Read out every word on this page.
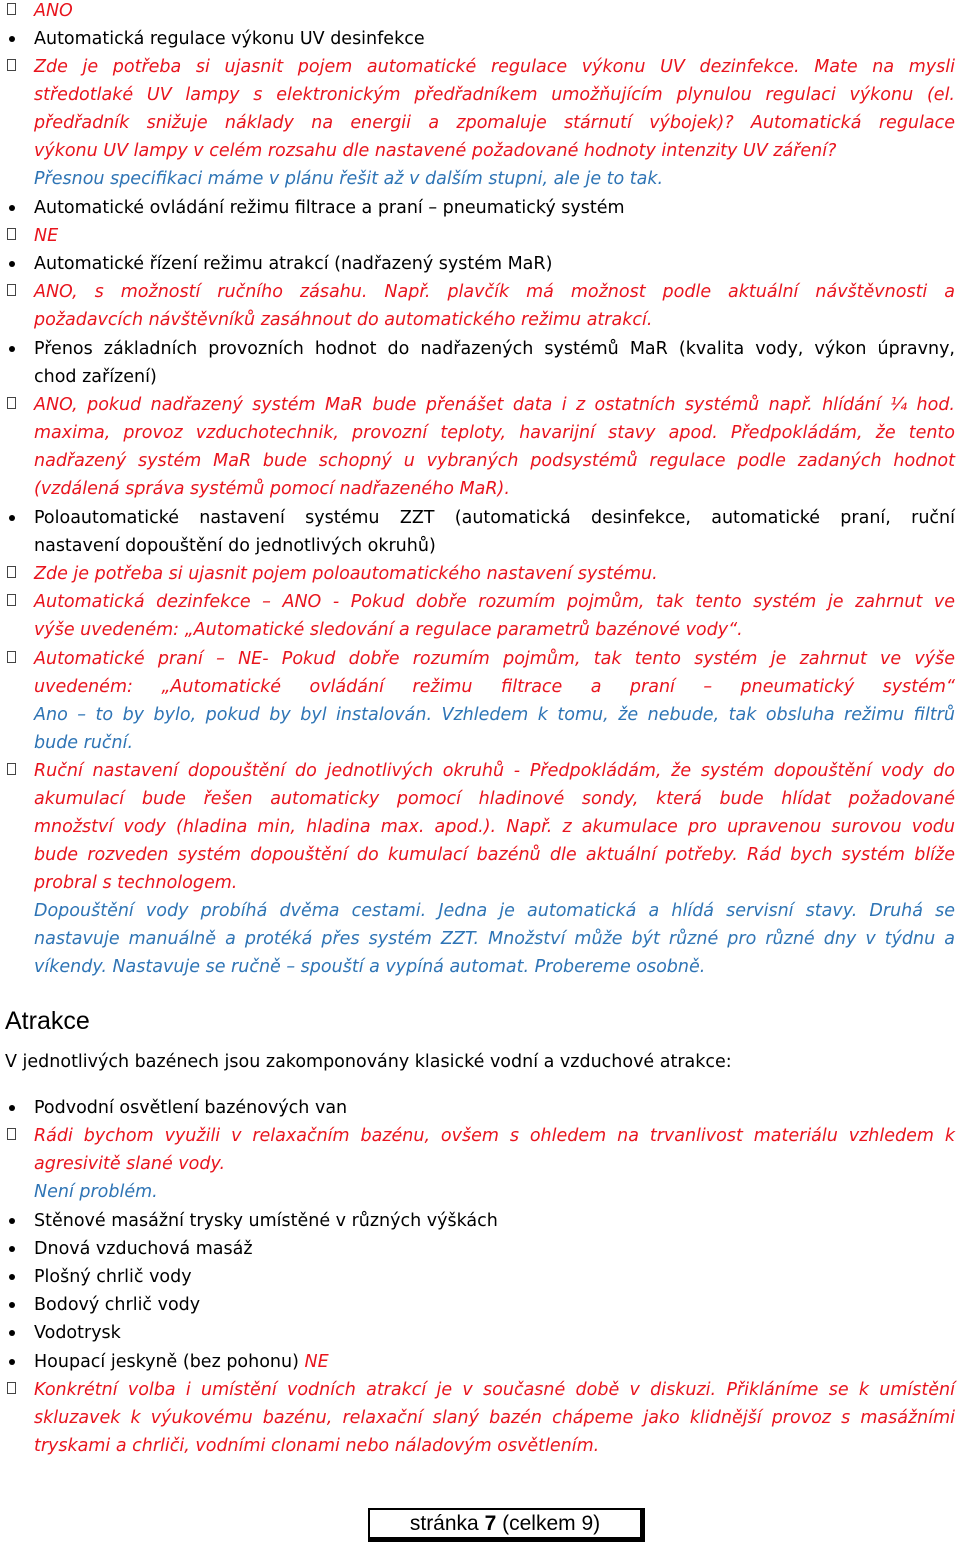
ANO
Automatická regulace výkonu UV desinfekce
Zde je potřeba si ujasnit pojem automatické regulace výkonu UV dezinfekce. Mate na mysli
středotlaké UV lampy s elektronickým předřadníkem umožňujícím plynulou regulaci výkonu (el.
předřadník snižuje náklady na energii a zpomaluje stárnutí výbojek)? Automatická regulace
výkonu UV lampy v celém rozsahu dle nastavené požadované hodnoty intenzity UV záření?
Přesnou specifikaci máme v plánu řešit až v dalším stupni, ale je to tak.
Automatické ovládání režimu filtrace a praní – pneumatický systém
NE
Automatické řízení režimu atrakcí (nadřazený systém MaR)
ANO, s možností ručního zásahu. Např. plavčík má možnost podle aktuální návštěvnosti a
požadavcích návštěvníků zasáhnout do automatického režimu atrakcí.
Přenos základních provozních hodnot do nadřazených systémů MaR (kvalita vody, výkon úpravny,
chod zařízení)
ANO, pokud nadřazený systém MaR bude přenášet data i z ostatních systémů např. hlídání ¼ hod.
maxima, provoz vzduchotechnik, provozní teploty, havarijní stavy apod. Předpokládám, že tento
nadřazený systém MaR bude schopný u vybraných podsystémů regulace podle zadaných hodnot
(vzdálená správa systémů pomocí nadřazeného MaR).
Poloautomatické nastavení systému ZZT (automatická desinfekce, automatické praní, ruční
nastavení dopouštění do jednotlivých okruhů)
Zde je potřeba si ujasnit pojem poloautomatického nastavení systému.
Automatická dezinfekce – ANO - Pokud dobře rozumím pojmům, tak tento systém je zahrnut ve
výše uvedeném: „Automatické sledování a regulace parametrů bazénové vody“.
Automatické praní – NE- Pokud dobře rozumím pojmům, tak tento systém je zahrnut ve výše
uvedeném: „Automatické ovládání režimu filtrace a praní – pneumatický systém“
Ano – to by bylo, pokud by byl instalován. Vzhledem k tomu, že nebude, tak obsluha režimu filtrů
bude ruční.
Ruční nastavení dopouštění do jednotlivých okruhů - Předpokládám, že systém dopouštění vody do
akumulací bude řešen automaticky pomocí hladinové sondy, která bude hlídat požadované
množství vody (hladina min, hladina max. apod.). Např. z akumulace pro upravenou surovou vodu
bude rozveden systém dopouštění do kumulací bazénů dle aktuální potřeby. Rád bych systém blíže
probral s technologem.
Dopouštění vody probíhá dvěma cestami. Jedna je automatická a hlídá servisní stavy. Druhá se
nastavuje manuálně a protéká přes systém ZZT. Množství může být různé pro různé dny v týdnu a
víkendy. Nastavuje se ručně – spouští a vypíná automat. Probereme osobně.
Atrakce
V jednotlivých bazénech jsou zakomponovány klasické vodní a vzduchové atrakce:
Podvodní osvětlení bazénových van
Rádi bychom využili v relaxačním bazénu, ovšem s ohledem na trvanlivost materiálu vzhledem k
agresivitě slané vody.
Není problém.
Stěnové masážní trysky umístěné v různých výškách
Dnová vzduchová masáž
Plošný chrlič vody
Bodový chrlič vody
Vodotrysk
Houpací jeskyně (bez pohonu) NE
Konkrétní volba i umístění vodních atrakcí je v současné době v diskuzi. Přikláníme se k umístění
skluzavek k výukovému bazénu, relaxační slaný bazén chápeme jako klidnější provoz s masážními
tryskami a chrliči, vodními clonami nebo náladovým osvětlením.
stránka 7 (celkem 9)
